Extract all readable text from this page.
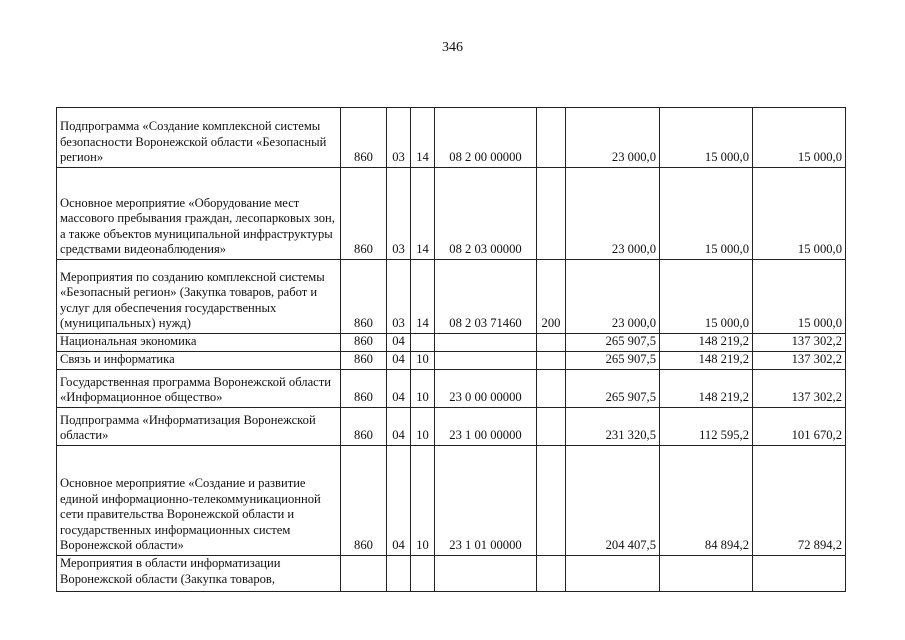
346
Подпрограмма «Создание комплексной системы безопасности Воронежской области «Безопасный регион»	860	03	14	08 2 00 00000		23 000,0	15 000,0	15 000,0
Основное мероприятие «Оборудование мест массового пребывания граждан, лесопарковых зон, а также объектов муниципальной инфраструктуры средствами видеонаблюдения»	860	03	14	08 2 03 00000		23 000,0	15 000,0	15 000,0
Мероприятия по созданию комплексной системы «Безопасный регион» (Закупка товаров, работ и услуг для обеспечения государственных (муниципальных) нужд)	860	03	14	08 2 03 71460	200	23 000,0	15 000,0	15 000,0
Национальная экономика	860	04				265 907,5	148 219,2	137 302,2
Связь и информатика	860	04	10			265 907,5	148 219,2	137 302,2
Государственная программа Воронежской области «Информационное общество»	860	04	10	23 0 00 00000		265 907,5	148 219,2	137 302,2
Подпрограмма «Информатизация Воронежской области»	860	04	10	23 1 00 00000		231 320,5	112 595,2	101 670,2
Основное мероприятие «Создание и развитие единой информационно-телекоммуникационной сети правительства Воронежской области и государственных информационных систем Воронежской области»	860	04	10	23 1 01 00000		204 407,5	84 894,2	72 894,2
Мероприятия в области информатизации Воронежской области (Закупка товаров,								
